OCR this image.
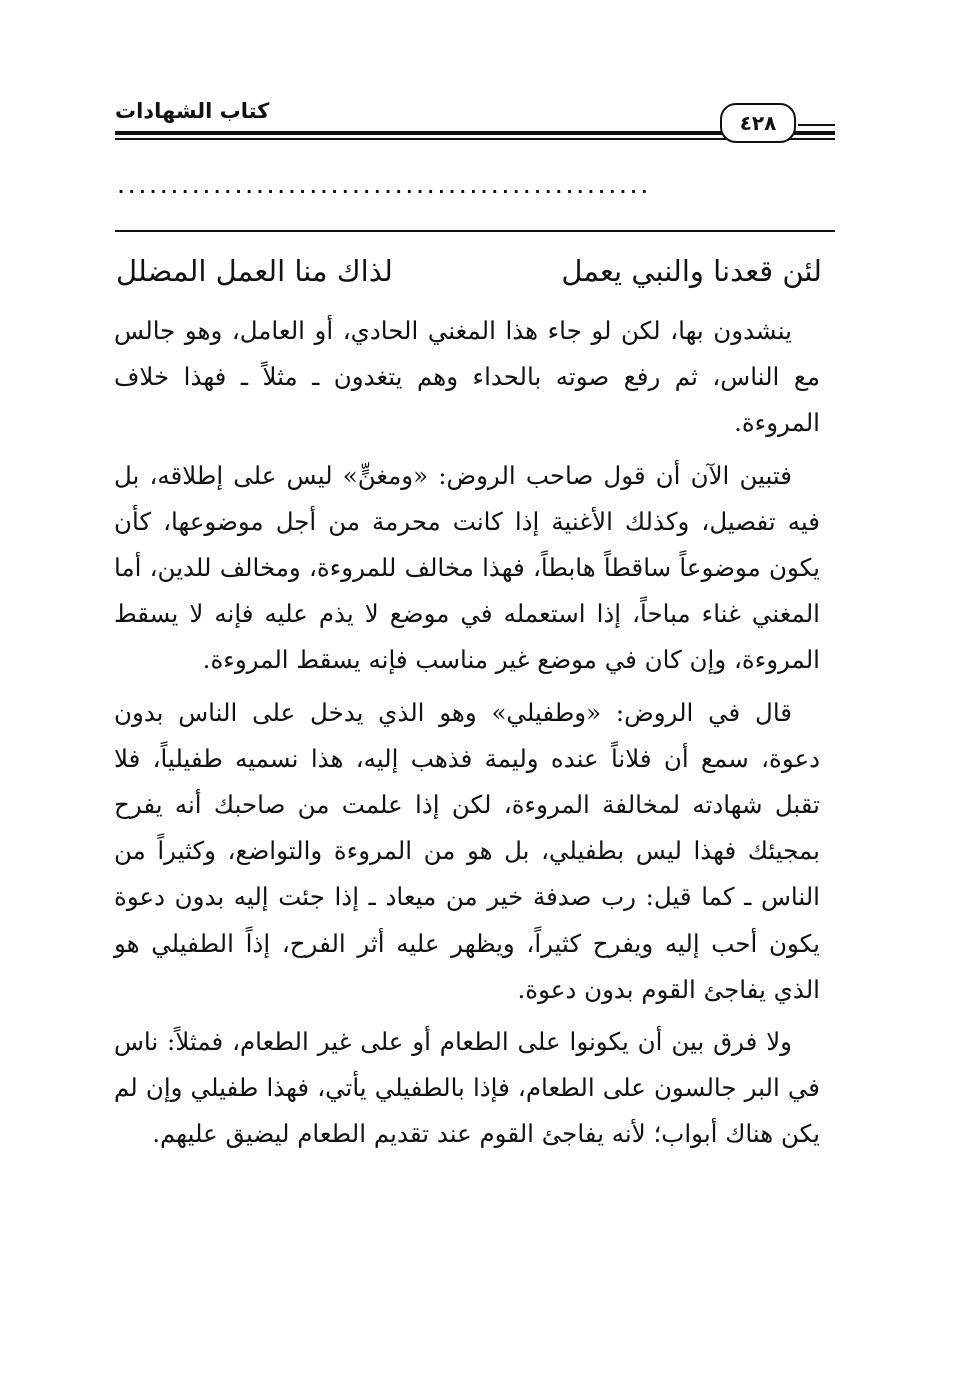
كتاب الشهادات	٤٢٨
..................................................
لئن قعدنا والنبي يعمل
لذاك منا العمل المضلل

ينشدون بها، لكن لو جاء هذا المغني الحادي، أو العامل، وهو جالس مع الناس، ثم رفع صوته بالحداء وهم يتغدون ـ مثلاً ـ فهذا خلاف المروءة.

فتبين الآن أن قول صاحب الروض: «ومغنٍّ» ليس على إطلاقه، بل فيه تفصيل، وكذلك الأغنية إذا كانت محرمة من أجل موضوعها، كأن يكون موضوعاً ساقطاً هابطاً، فهذا مخالف للمروءة، ومخالف للدين، أما المغني غناء مباحاً، إذا استعمله في موضع لا يذم عليه فإنه لا يسقط المروءة، وإن كان في موضع غير مناسب فإنه يسقط المروءة.

قال في الروض: «وطفيلي» وهو الذي يدخل على الناس بدون دعوة، سمع أن فلاناً عنده وليمة فذهب إليه، هذا نسميه طفيلياً، فلا تقبل شهادته لمخالفة المروءة، لكن إذا علمت من صاحبك أنه يفرح بمجيئك فهذا ليس بطفيلي، بل هو من المروءة والتواضع، وكثيراً من الناس ـ كما قيل: رب صدفة خير من ميعاد ـ إذا جئت إليه بدون دعوة يكون أحب إليه ويفرح كثيراً، ويظهر عليه أثر الفرح، إذاً الطفيلي هو الذي يفاجئ القوم بدون دعوة.

ولا فرق بين أن يكونوا على الطعام أو على غير الطعام، فمثلاً: ناس في البر جالسون على الطعام، فإذا بالطفيلي يأتي، فهذا طفيلي وإن لم يكن هناك أبواب؛ لأنه يفاجئ القوم عند تقديم الطعام ليضيق عليهم.
